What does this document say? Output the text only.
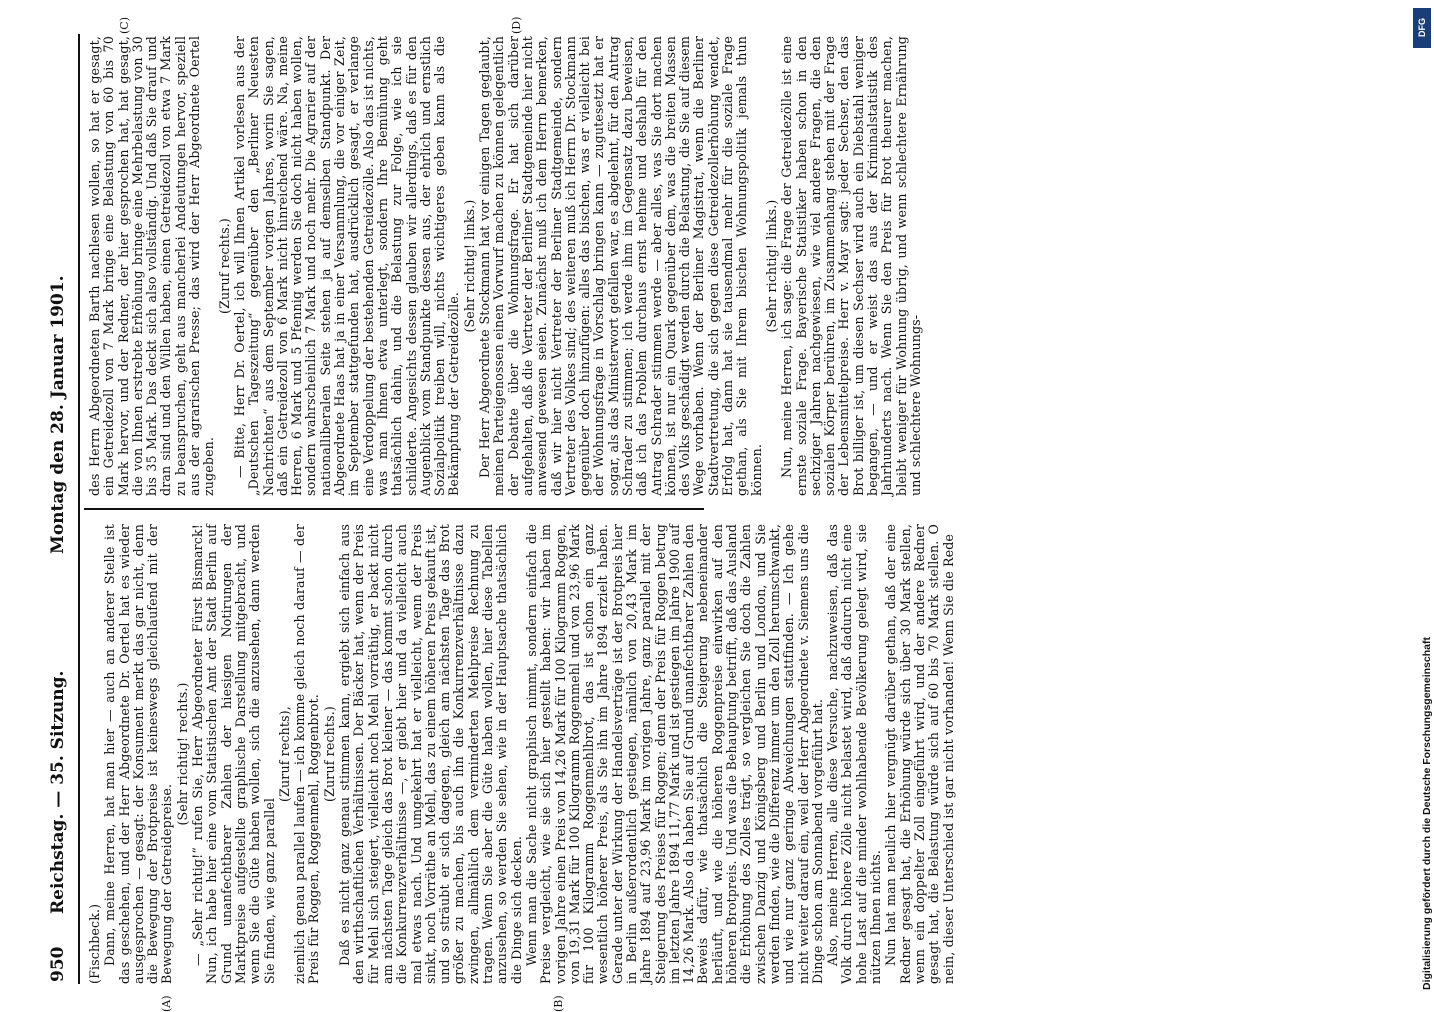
950
Reichstag. — 35. Sitzung.
Montag den 28. Januar 1901.
(A)	(B)
(C)	(D)

(Fischbeck.) Dann, meine Herren, hat man hier — auch an anderer Stelle ist das geschehen, und der Herr Abgeordnete Dr. Oertel hat es wieder ausgesprochen — gesagt: der Konsument merkt das gar nicht, denn die Bewegung der Brotpreise ist keineswegs gleichlaufend mit der Bewegung der Getreidepreise.

(Sehr richtig! rechts.) — „Sehr richtig!“ rufen Sie, Herr Abgeordneter Fürst Bismarck! Nun, ich habe hier eine vom Statistischen Amt der Stadt Berlin auf Grund unanfechtbarer Zahlen der hiesigen Notirungen der Marktpreise aufgestellte graphische Darstellung mitgebracht, und wenn Sie die Güte haben wollen, sich die anzusehen, dann werden Sie finden, wie ganz parallel

(Zuruf rechts), ziemlich genau parallel laufen — ich komme gleich noch darauf — der Preis für Roggen, Roggenmehl, Roggenbrot. (Zuruf rechts.) Daß es nicht ganz genau stimmen kann, ergiebt sich einfach aus den wirthschaftlichen Verhältnissen. Der Bäcker hat, wenn der Preis für Mehl sich steigert, vielleicht noch Mehl vorräthig, er backt nicht am nächsten Tage gleich das Brot kleiner — das kommt schon durch die Konkurrenzverhältnisse —, er giebt hier und da vielleicht auch mal etwas nach. Und umgekehrt hat er vielleicht, wenn der Preis sinkt, noch Vorräthe an Mehl, das zu einem höheren Preis gekauft ist, und so sträubt er sich dagegen, gleich am nächsten Tage das Brot größer zu machen, bis auch ihn die Konkurrenzverhältnisse dazu zwingen, allmählich dem verminderten Mehlpreise Rechnung zu tragen. Wenn Sie aber die Güte haben wollen, hier diese Tabellen anzusehen, so werden Sie sehen, wie in der Hauptsache thatsächlich die Dinge sich decken. Wenn man die Sache nicht graphisch nimmt, sondern einfach die Preise vergleicht, wie sie sich hier gestellt haben: wir haben im vorigen Jahre einen Preis von 14,26 Mark für 100 Kilogramm Roggen, von 19,31 Mark für 100 Kilogramm Roggenmehl und von 23,96 Mark für 100 Kilogramm Roggenmehlbrot, das ist schon ein ganz wesentlich höherer Preis, als Sie ihn im Jahre 1894 erzielt haben. Gerade unter der Wirkung der Handelsverträge ist der Brotpreis hier in Berlin außerordentlich gestiegen, nämlich von 20,43 Mark im Jahre 1894 auf 23,96 Mark im vorigen Jahre, ganz parallel mit der Steigerung des Preises für Roggen; denn der Preis für Roggen betrug im letzten Jahre 1894 11,77 Mark und ist gestiegen im Jahre 1900 auf 14,26 Mark. Also da haben Sie auf Grund unanfechtbarer Zahlen den Beweis dafür, wie thatsächlich die Steigerung nebeneinander herläuft, und wie die höheren Roggenpreise einwirken auf den höheren Brotpreis. Und was die Behauptung betrifft, daß das Ausland die Erhöhung des Zolles trägt, so vergleichen Sie doch die Zahlen zwischen Danzig und Königsberg und Berlin und London, und Sie werden finden, wie die Differenz immer um den Zoll herumschwankt, und wie nur ganz geringe Abweichungen stattfinden. — Ich gehe nicht weiter darauf ein, weil der Herr Abgeordnete v. Siemens uns die Dinge schon am Sonnabend vorgeführt hat. Also, meine Herren, alle diese Versuche, nachzuweisen, daß das Volk durch höhere Zölle nicht belastet wird, daß dadurch nicht eine hohe Last auf die minder wohlhabende Bevölkerung gelegt wird, sie nützen Ihnen nichts. Nun hat man neulich hier vergnügt darüber gethan, daß der eine Redner gesagt hat, die Erhöhung würde sich über 30 Mark stellen, wenn ein doppelter Zoll eingeführt wird, und der andere Redner gesagt hat, die Belastung würde sich auf 60 bis 70 Mark stellen. O nein, dieser Unterschied ist gar nicht vorhanden! Wenn Sie die Rede

des Herrn Abgeordneten Barth nachlesen wollen, so hat er gesagt, ein Getreidezoll von 7 Mark bringe eine Belastung von 60 bis 70 Mark hervor, und der Redner, der hier gesprochen hat, hat gesagt, die von Ihnen erstrebte Erhöhung bringe eine Mehrbelastung von 30 bis 35 Mark. Das deckt sich also vollständig. Und daß Sie drauf und dran sind und den Willen haben, einen Getreidezoll von etwa 7 Mark zu beanspruchen, geht aus mancherlei Andeutungen hervor, speziell aus der agrarischen Presse; das wird der Herr Abgeordnete Oertel zugeben.

(Zuruf rechts.) — Bitte, Herr Dr. Oertel, ich will Ihnen Artikel vorlesen aus der „Deutschen Tageszeitung“ gegenüber den „Berliner Neuesten Nachrichten“ aus dem September vorigen Jahres, worin Sie sagen, daß ein Getreidezoll von 6 Mark nicht hinreichend wäre. Na, meine Herren, 6 Mark und 5 Pfennig werden Sie doch nicht haben wollen, sondern wahrscheinlich 7 Mark und noch mehr. Die Agrarier auf der nationalliberalen Seite stehen ja auf demselben Standpunkt. Der Abgeordnete Haas hat ja in einer Versammlung, die vor einiger Zeit, im September stattgefunden hat, ausdrücklich gesagt, er verlange eine Verdoppelung der bestehenden Getreidezölle. Also das ist nichts, was man Ihnen etwa unterlegt, sondern Ihre Bemühung geht thatsächlich dahin, und die Belastung zur Folge, wie ich sie schilderte. Angesichts dessen glauben wir allerdings, daß es für den Augenblick vom Standpunkte dessen aus, der ehrlich und ernstlich Sozialpolitik treiben will, nichts wichtigeres geben kann als die Bekämpfung der Getreidezölle.

(Sehr richtig! links.) Der Herr Abgeordnete Stockmann hat vor einigen Tagen geglaubt, meinen Parteigenossen einen Vorwurf machen zu können gelegentlich der Debatte über die Wohnungsfrage. Er hat sich darüber aufgehalten, daß die Vertreter der Berliner Stadtgemeinde hier nicht anwesend gewesen seien. Zunächst muß ich dem Herrn bemerken, daß wir hier nicht Vertreter der Berliner Stadtgemeinde, sondern Vertreter des Volkes sind; des weiteren muß ich Herrn Dr. Stockmann gegenüber doch hinzufügen: alles das bischen, was er vielleicht bei der Wohnungsfrage in Vorschlag bringen kann — zugutesetzt hat er sogar, als das Ministerwort gefallen war, es abgelehnt, für den Antrag Schrader zu stimmen; ich werde ihm im Gegensatz dazu beweisen, daß ich das Problem durchaus ernst nehme und deshalb für den Antrag Schrader stimmen werde — aber alles, was Sie dort machen können, ist nur ein Quark gegenüber dem, was die breiten Massen des Volks geschädigt werden durch die Belastung, die Sie auf diesem Wege vorhaben. Wenn der Berliner Magistrat, wenn die Berliner Stadtvertretung, die sich gegen diese Getreidezollerhöhung wendet, Erfolg hat, dann hat sie tausendmal mehr für die soziale Frage gethan, als Sie mit Ihrem bischen Wohnungspolitik jemals thun können.

(Sehr richtig! links.) Nun, meine Herren, ich sage: die Frage der Getreidezölle ist eine ernste soziale Frage. Bayerische Statistiker haben schon in den sechziger Jahren nachgewiesen, wie viel andere Fragen, die den sozialen Körper berühren, im Zusammenhang stehen mit der Frage der Lebensmittelpreise. Herr v. Mayr sagt: jeder Sechser, den das Brot billiger ist, um diesen Sechser wird auch ein Diebstahl weniger begangen, — und er weist das aus der Kriminalstatistik des Jahrhunderts nach. Wenn Sie den Preis für Brot theurer machen, bleibt weniger für Wohnung übrig, und wenn schlechtere Ernährung und schlechtere Wohnungs-

DFG
Digitalisierung gefördert durch die Deutsche Forschungsgemeinschaft
